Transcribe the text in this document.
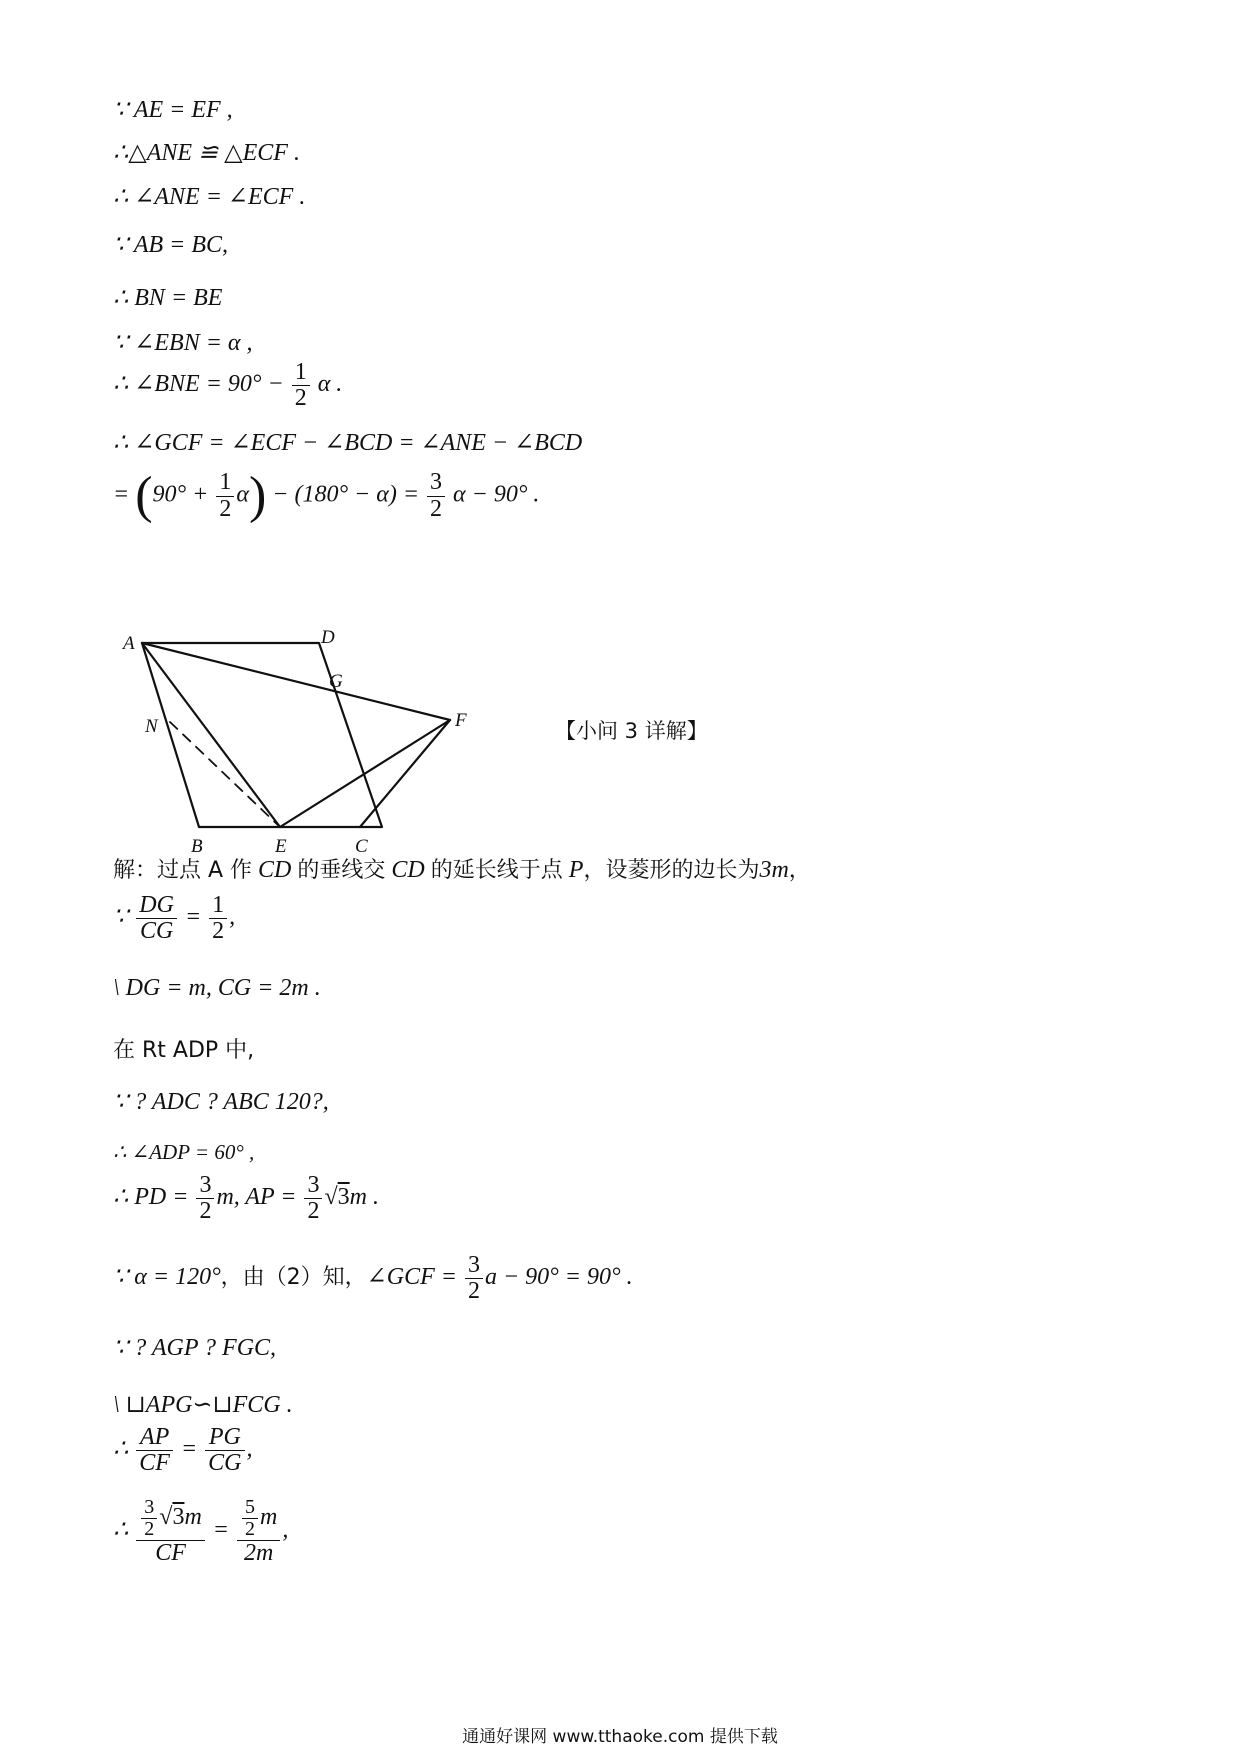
∵ AE = EF ,
∴△ANE ≌ △ECF .
∴ ∠ANE = ∠ECF .
∵ AB = BC,
∴ BN = BE
∵ ∠EBN = α ,
∴ ∠BNE = $90^\circ - \frac{1}{2}$ α .
∴ ∠GCF = ∠ECF − ∠BCD = ∠ANE − ∠BCD
= $(90^\circ + \frac{1}{2} \alpha) - (180^\circ - \alpha) = \frac{3}{2}$ α − 90° .
A	D
G
F
N
B	E	C
【小问 3 详解】
解：过点 A 作 CD 的垂线交 CD 的延长线于点 P，设菱形的边长为3m，
∵ $\frac{DG}{CG} = \frac{1}{2}$ ,
\ DG = m, CG = 2m .
在 Rt ADP 中,
∵ ? ADC ? ABC 120?,
∴ ∠ADP = 60° ,
∴ PD = $\frac{3}{2} m$, AP = $\frac{3}{2} √3m$ .
∵ α = 120°，由（2）知，∠GCF = $\frac{3}{2}$ a − 90° = 90° .
∵ ? AGP ? FGC,
\ ⊔APG∽⊔FCG .
∴ $\frac{AP}{CF} = \frac{PG}{CG}$ ,
∴ $\frac{\frac{3}{2} √3m}{CF} = \frac{\frac{5}{2} m}{2m}$ ,
通通好课网 www.tthaoke.com 提供下载
